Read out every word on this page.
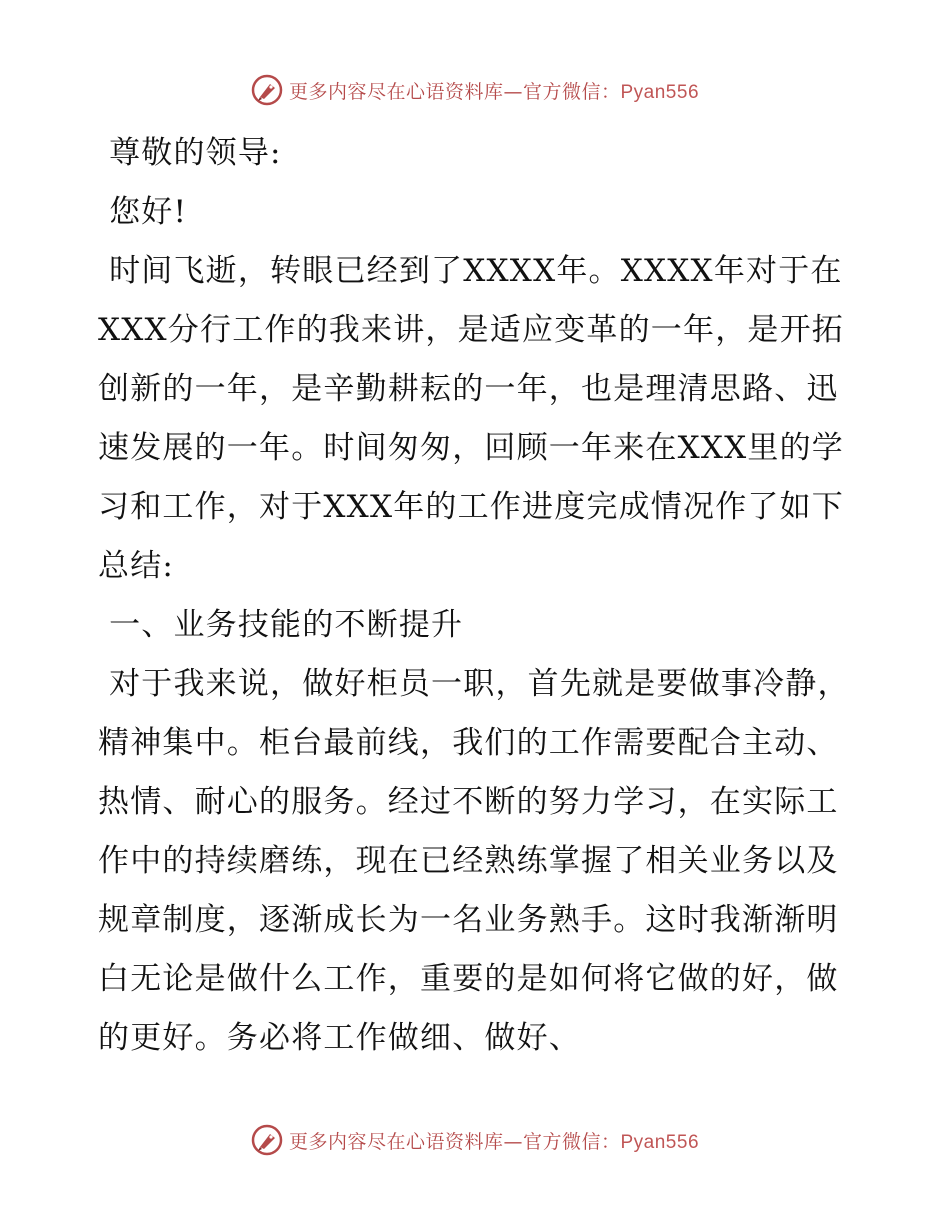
更多内容尽在心语资料库—官方微信：Pyan556

尊敬的领导:

您好!

时间飞逝，转眼已经到了XXXX年。XXXX年对于在XXX分行工作的我来讲，是适应变革的一年，是开拓创新的一年，是辛勤耕耘的一年，也是理清思路、迅速发展的一年。时间匆匆，回顾一年来在XXX里的学习和工作，对于XXX年的工作进度完成情况作了如下总结:

一、业务技能的不断提升

对于我来说，做好柜员一职，首先就是要做事冷静，精神集中。柜台最前线，我们的工作需要配合主动、热情、耐心的服务。经过不断的努力学习，在实际工作中的持续磨练，现在已经熟练掌握了相关业务以及规章制度，逐渐成长为一名业务熟手。这时我渐渐明白无论是做什么工作，重要的是如何将它做的好，做的更好。务必将工作做细、做好、

更多内容尽在心语资料库—官方微信：Pyan556
